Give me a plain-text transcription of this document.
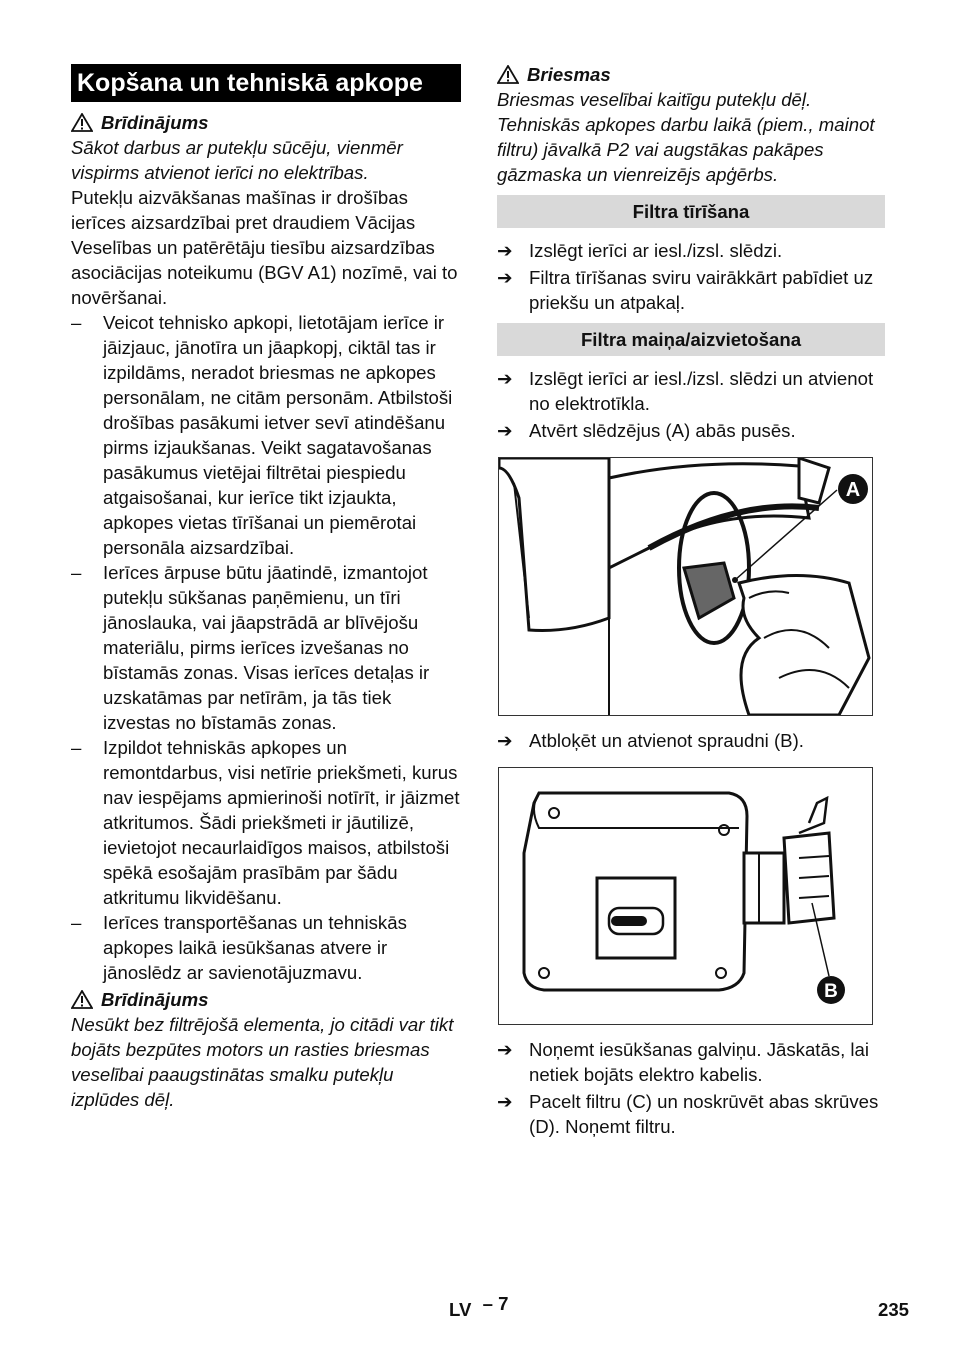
Kopšana un tehniskā apkope
Brīdinājums

Sākot darbus ar putekļu sūcēju, vienmēr vispirms atvienot ierīci no elektrības.

Putekļu aizvākšanas mašīnas ir drošības ierīces aizsardzībai pret draudiem Vācijas Veselības un patērētāju tiesību aizsardzības asociācijas noteikumu (BGV A1) nozīmē, vai to novēršanai.

–	Veicot tehnisko apkopi, lietotājam ierīce ir jāizjauc, jānotīra un jāapkopj, ciktāl tas ir izpildāms, neradot briesmas ne apkopes personālam, ne citām personām. Atbilstoši drošības pasākumi ietver sevī atindēšanu pirms izjaukšanas. Veikt sagatavošanas pasākumus vietējai filtrētai piespiedu atgaisošanai, kur ierīce tikt izjaukta, apkopes vietas tīrīšanai un piemērotai personāla aizsardzībai.

–	Ierīces ārpuse būtu jāatindē, izmantojot putekļu sūkšanas paņēmienu, un tīri jānoslauka, vai jāapstrādā ar blīvējošu materiālu, pirms ierīces izvešanas no bīstamās zonas. Visas ierīces detaļas ir uzskatāmas par netīrām, ja tās tiek izvestas no bīstamās zonas.

–	Izpildot tehniskās apkopes un remontdarbus, visi netīrie priekšmeti, kurus nav iespējams apmierinoši notīrīt, ir jāizmet atkritumos. Šādi priekšmeti ir jāutilizē, ievietojot necaurlaidīgos maisos, atbilstoši spēkā esošajām prasībām par šādu atkritumu likvidēšanu.

–	Ierīces transportēšanas un tehniskās apkopes laikā iesūkšanas atvere ir jānoslēdz ar savienotājuzmavu.

Brīdinājums

Nesūkt bez filtrējošā elementa, jo citādi var tikt bojāts bezpūtes motors un rasties briesmas veselībai paaugstinātas smalku putekļu izplūdes dēļ.

Briesmas

Briesmas veselībai kaitīgu putekļu dēļ. Tehniskās apkopes darbu laikā (piem., mainot filtru) jāvalkā P2 vai augstākas pakāpes gāzmaska un vienreizējs apģērbs.

Filtra tīrīšana
➔ Izslēgt ierīci ar iesl./izsl. slēdzi.

➔ Filtra tīrīšanas sviru vairākkārt pabīdiet uz priekšu un atpakaļ.

Filtra maiņa/aizvietošana
➔ Izslēgt ierīci ar iesl./izsl. slēdzi un atvienot no elektrotīkla.

➔ Atvērt slēdzējus (A) abās pusēs.

A
➔ Atbloķēt un atvienot spraudni (B).

B
➔ Noņemt iesūkšanas galviņu. Jāskatās, lai netiek bojāts elektro kabelis.

➔ Pacelt filtru (C) un noskrūvēt abas skrūves (D). Noņemt filtru.

LV – 7	235
